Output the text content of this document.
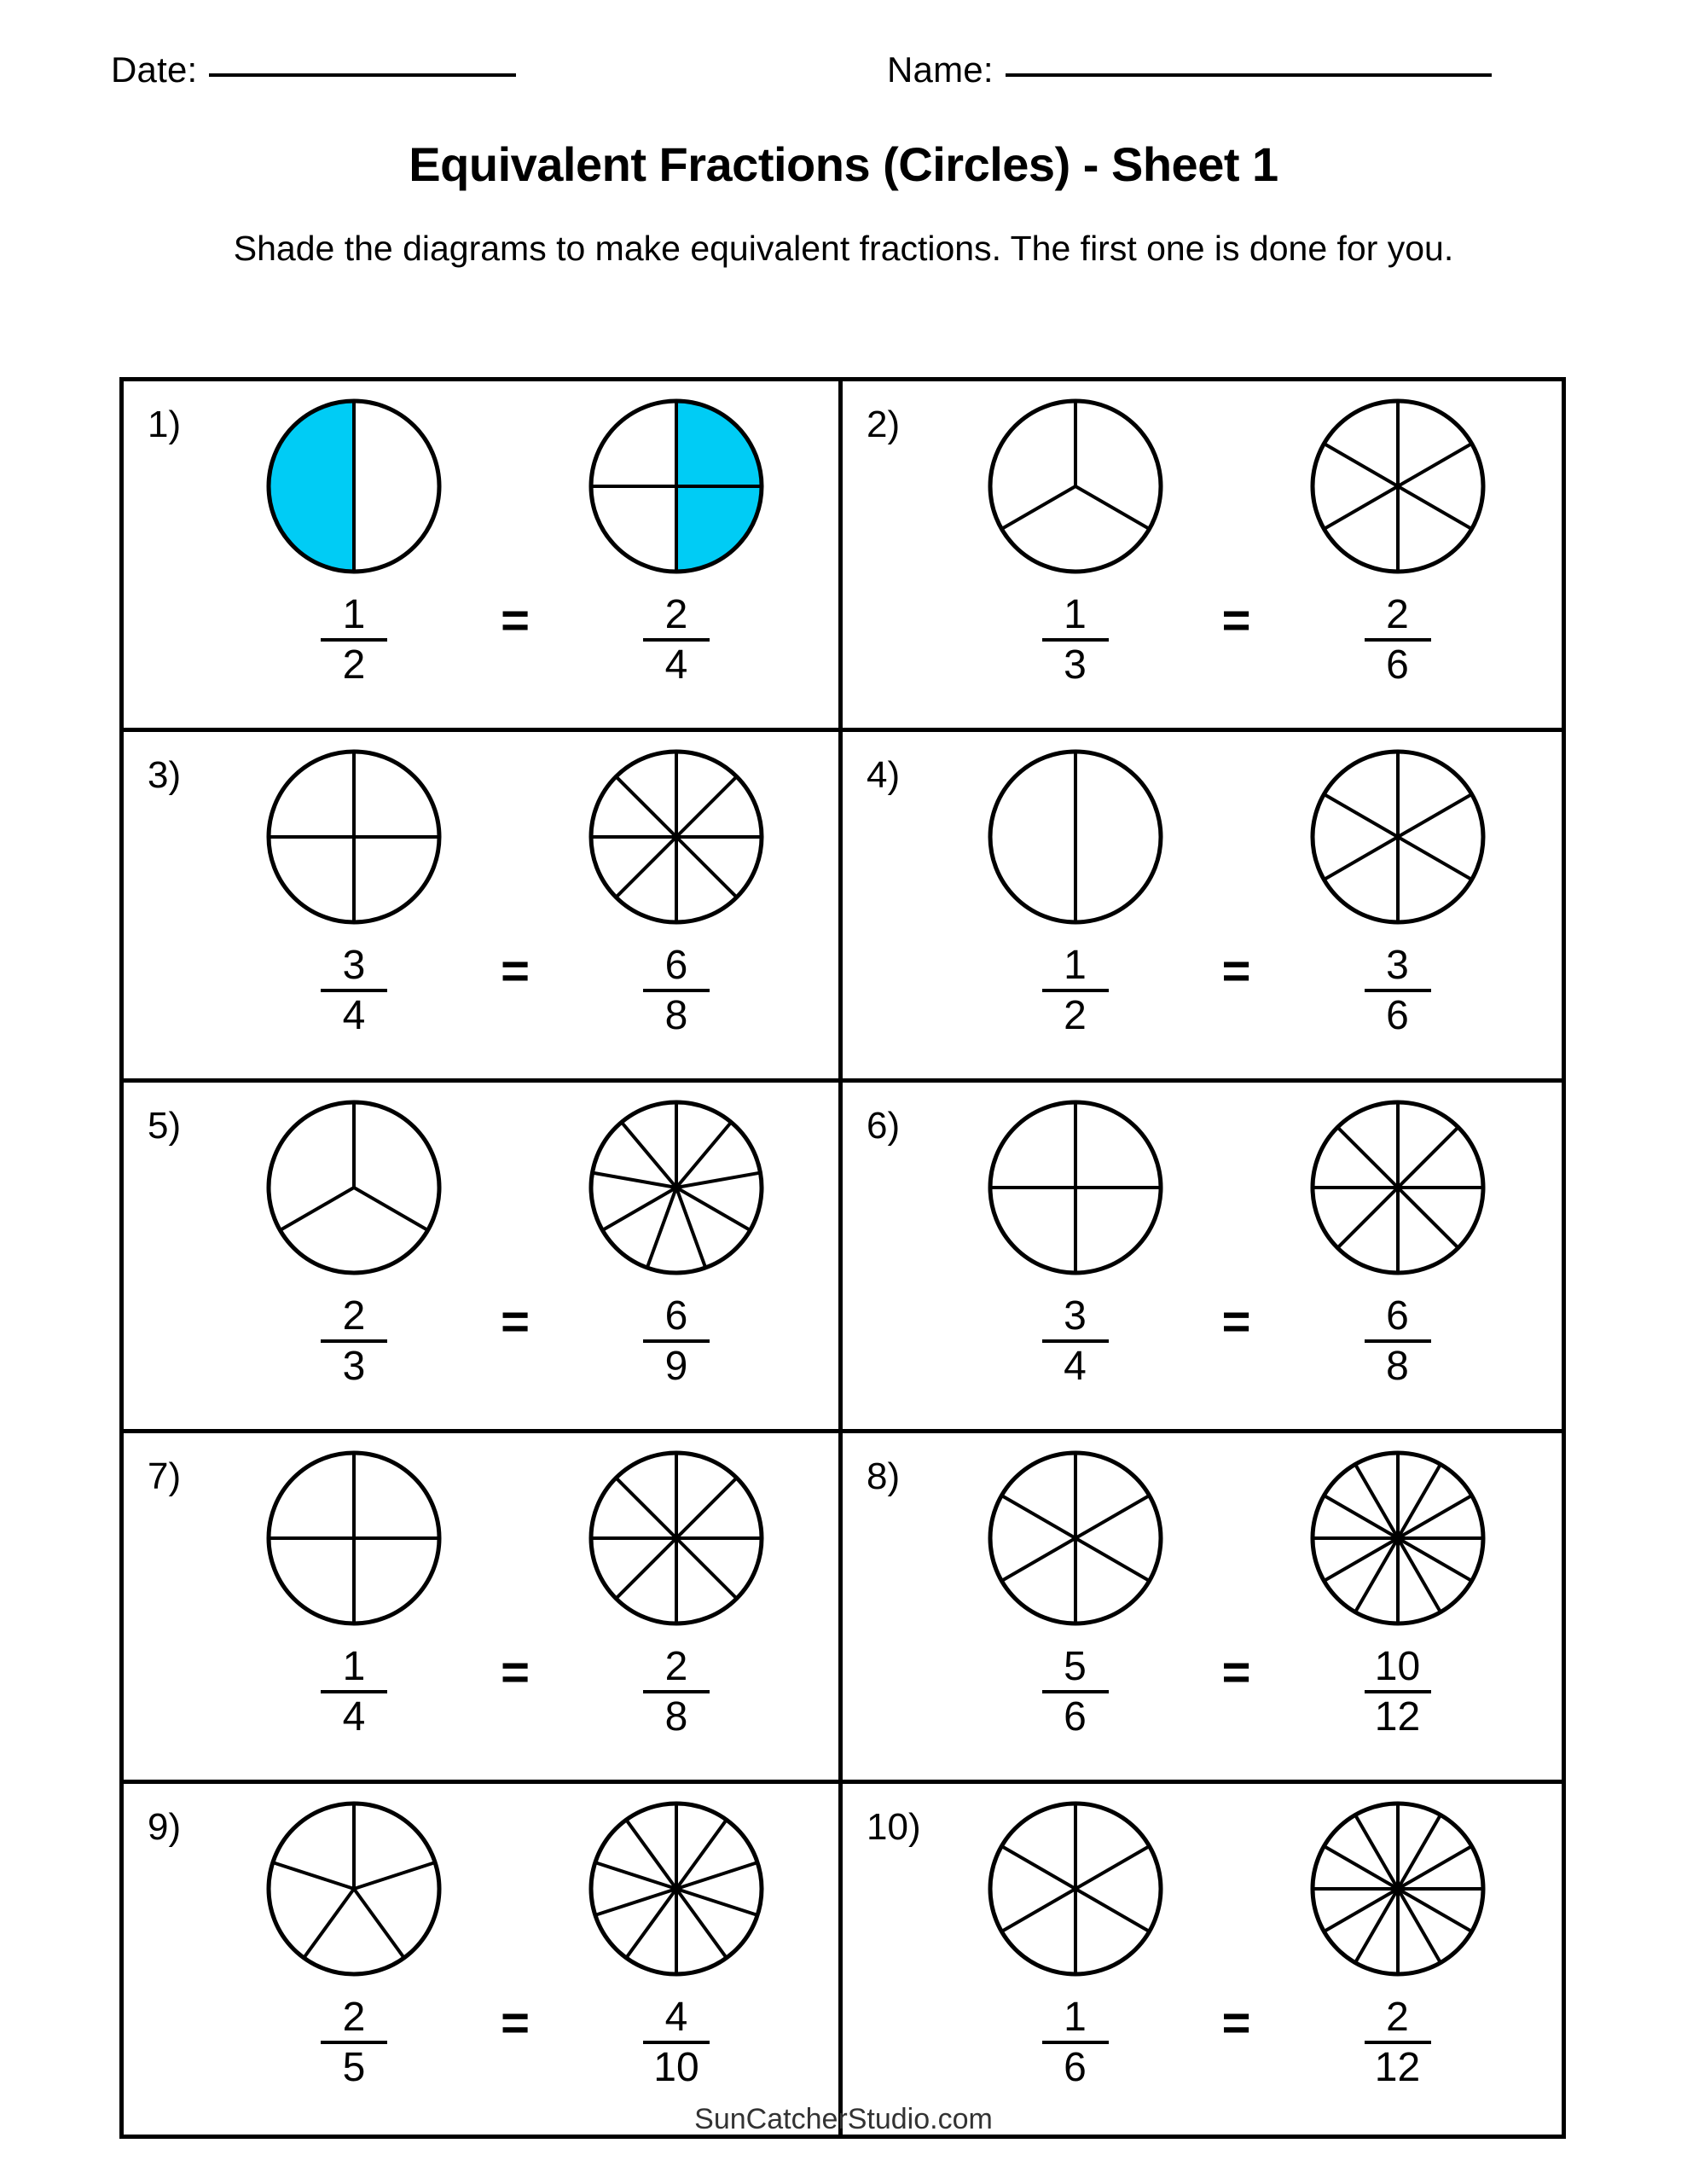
Date:	Name:
Equivalent Fractions (Circles) - Sheet 1
Shade the diagrams to make equivalent fractions. The first one is done for you.
1)
$\frac{1}{2}$ =	$\frac{2}{4}$
2)
$\frac{1}{3}$ =	$\frac{2}{6}$
3)
$\frac{3}{4}$ =	$\frac{6}{8}$
4)
$\frac{1}{2}$ =	$\frac{3}{6}$
5)
$\frac{2}{3}$ =	$\frac{6}{9}$
6)
$\frac{3}{4}$ =	$\frac{6}{8}$
7)
$\frac{1}{4}$ =	$\frac{2}{8}$
8)
$\frac{5}{6}$ =	$\frac{10}{12}$
9)
$\frac{2}{5}$ =	$\frac{4}{10}$
10)
$\frac{1}{6}$ =	$\frac{2}{12}$
SunCatcherStudio.com
